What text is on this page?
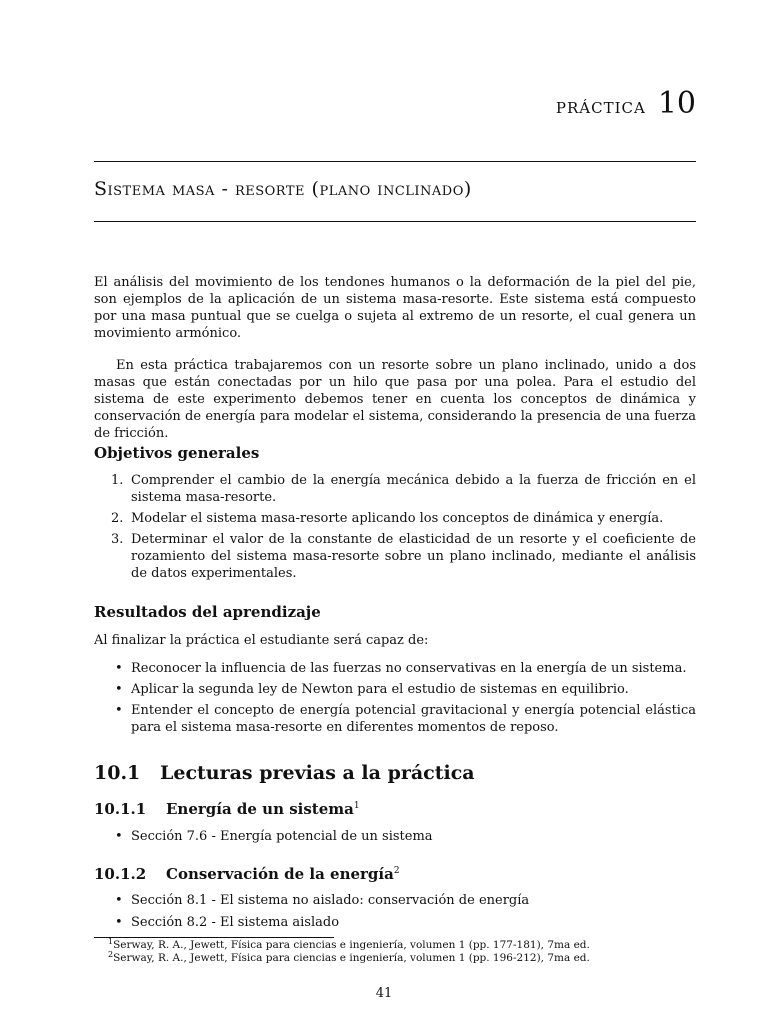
práctica 10
Sistema masa - resorte (plano inclinado)

El análisis del movimiento de los tendones humanos o la deformación de la piel del pie, son ejemplos de la aplicación de un sistema masa-resorte. Este sistema está compuesto por una masa puntual que se cuelga o sujeta al extremo de un resorte, el cual genera un movimiento armónico.

En esta práctica trabajaremos con un resorte sobre un plano inclinado, unido a dos masas que están conectadas por un hilo que pasa por una polea. Para el estudio del sistema de este experimento debemos tener en cuenta los conceptos de dinámica y conservación de energía para modelar el sistema, considerando la presencia de una fuerza de fricción.

Objetivos generales
1. Comprender el cambio de la energía mecánica debido a la fuerza de fricción en el sistema masa-resorte.
2. Modelar el sistema masa-resorte aplicando los conceptos de dinámica y energía.
3. Determinar el valor de la constante de elasticidad de un resorte y el coeficiente de rozamiento del sistema masa-resorte sobre un plano inclinado, mediante el análisis de datos experimentales.
Resultados del aprendizaje

Al finalizar la práctica el estudiante será capaz de:

• Reconocer la influencia de las fuerzas no conservativas en la energía de un sistema.
• Aplicar la segunda ley de Newton para el estudio de sistemas en equilibrio.
• Entender el concepto de energía potencial gravitacional y energía potencial elástica para el sistema masa-resorte en diferentes momentos de reposo.
10.1 Lecturas previas a la práctica
10.1.1 Energía de un sistema$^1$
• Sección 7.6 - Energía potencial de un sistema
10.1.2 Conservación de la energía$^2$
• Sección 8.1 - El sistema no aislado: conservación de energía
• Sección 8.2 - El sistema aislado
$^1$Serway, R. A., Jewett, Física para ciencias e ingeniería, volumen 1 (pp. 177-181), 7ma ed.
$^2$Serway, R. A., Jewett, Física para ciencias e ingeniería, volumen 1 (pp. 196-212), 7ma ed.
41
